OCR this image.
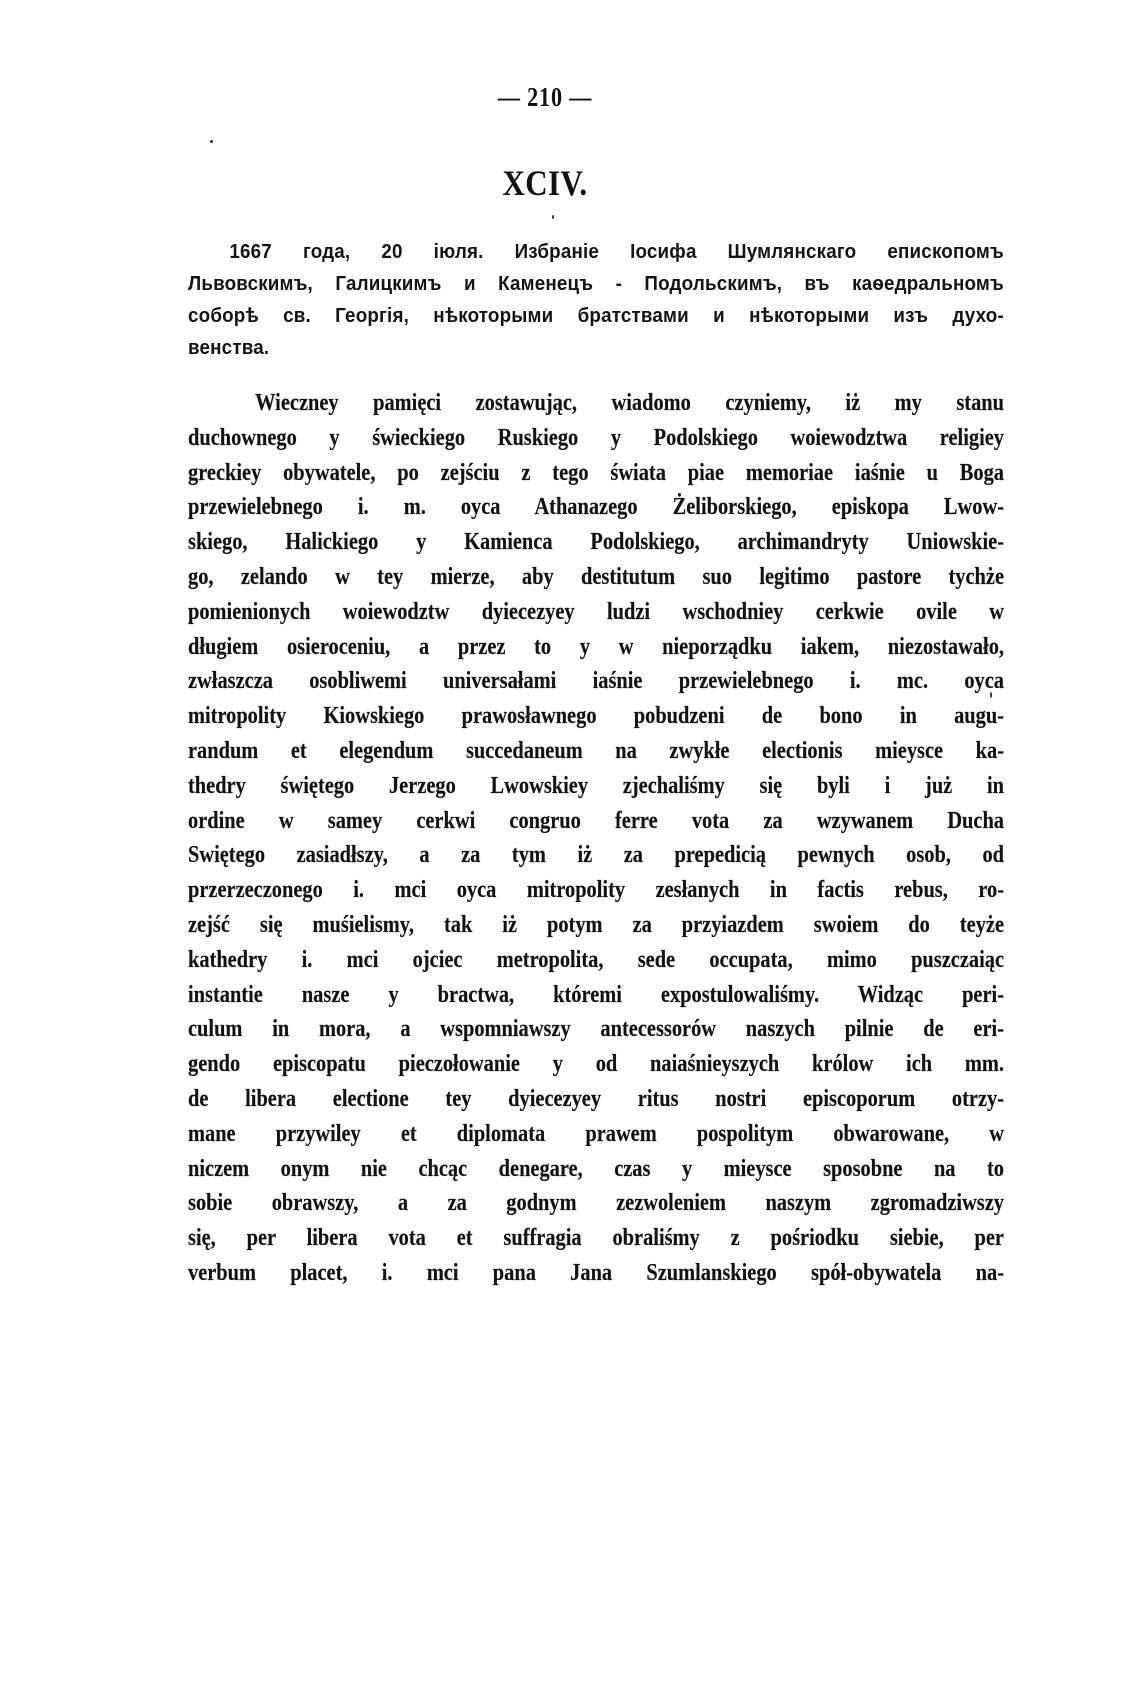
— 210 —
XCIV.
1667 года, 20 іюля. Избраніе Іосифа Шумлянскаго епископомъ
Львовскимъ, Галицкимъ и Каменецъ - Подольскимъ, въ каѳедральномъ
соборѣ св. Георгія, нѣкоторыми братствами и нѣкоторыми изъ духо-
венства.
Wieczney pamięci zostawując, wiadomo czyniemy, iż my stanu
duchownego y świeckiego Ruskiego y Podolskiego woiewodztwa religiey
greckiey obywatele, po zejściu z tego świata piae memoriae iaśnie u Boga
przewielebnego i. m. oyca Athanazego Żeliborskiego, episkopa Lwow-
skiego, Halickiego y Kamienca Podolskiego, archimandryty Uniowskie-
go, zelando w tey mierze, aby destitutum suo legitimo pastore tychże
pomienionych woiewodztw dyiecezyey ludzi wschodniey cerkwie ovile w
długiem osieroceniu, a przez to y w nieporządku iakem, niezostawało,
zwłaszcza osobliwemi universałami iaśnie przewielebnego i. mc. oyca
mitropolity Kiowskiego prawosławnego pobudzeni de bono in augu-
randum et elegendum succedaneum na zwykłe electionis mieysce ka-
thedry świętego Jerzego Lwowskiey zjechaliśmy się byli i już in
ordine w samey cerkwi congruo ferre vota za wzywanem Ducha
Swiętego zasiadłszy, a za tym iż za prepedicią pewnych osob, od
przerzeczonego i. mci oyca mitropolity zesłanych in factis rebus, ro-
zejść się muśielismy, tak iż potym za przyiazdem swoiem do teyże
kathedry i. mci ojciec metropolita, sede occupata, mimo puszczaiąc
instantie nasze y bractwa, któremi expostulowaliśmy. Widząc peri-
culum in mora, a wspomniawszy antecessorów naszych pilnie de eri-
gendo episcopatu pieczołowanie y od naiaśnieyszych królow ich mm.
de libera electione tey dyiecezyey ritus nostri episcoporum otrzy-
mane przywiley et diplomata prawem pospolitym obwarowane, w
niczem onym nie chcąc denegare, czas y mieysce sposobne na to
sobie obrawszy, a za godnym zezwoleniem naszym zgromadziwszy
się, per libera vota et suffragia obraliśmy z pośriodku siebie, per
verbum placet, i. mci pana Jana Szumlanskiego spół-obywatela na-
